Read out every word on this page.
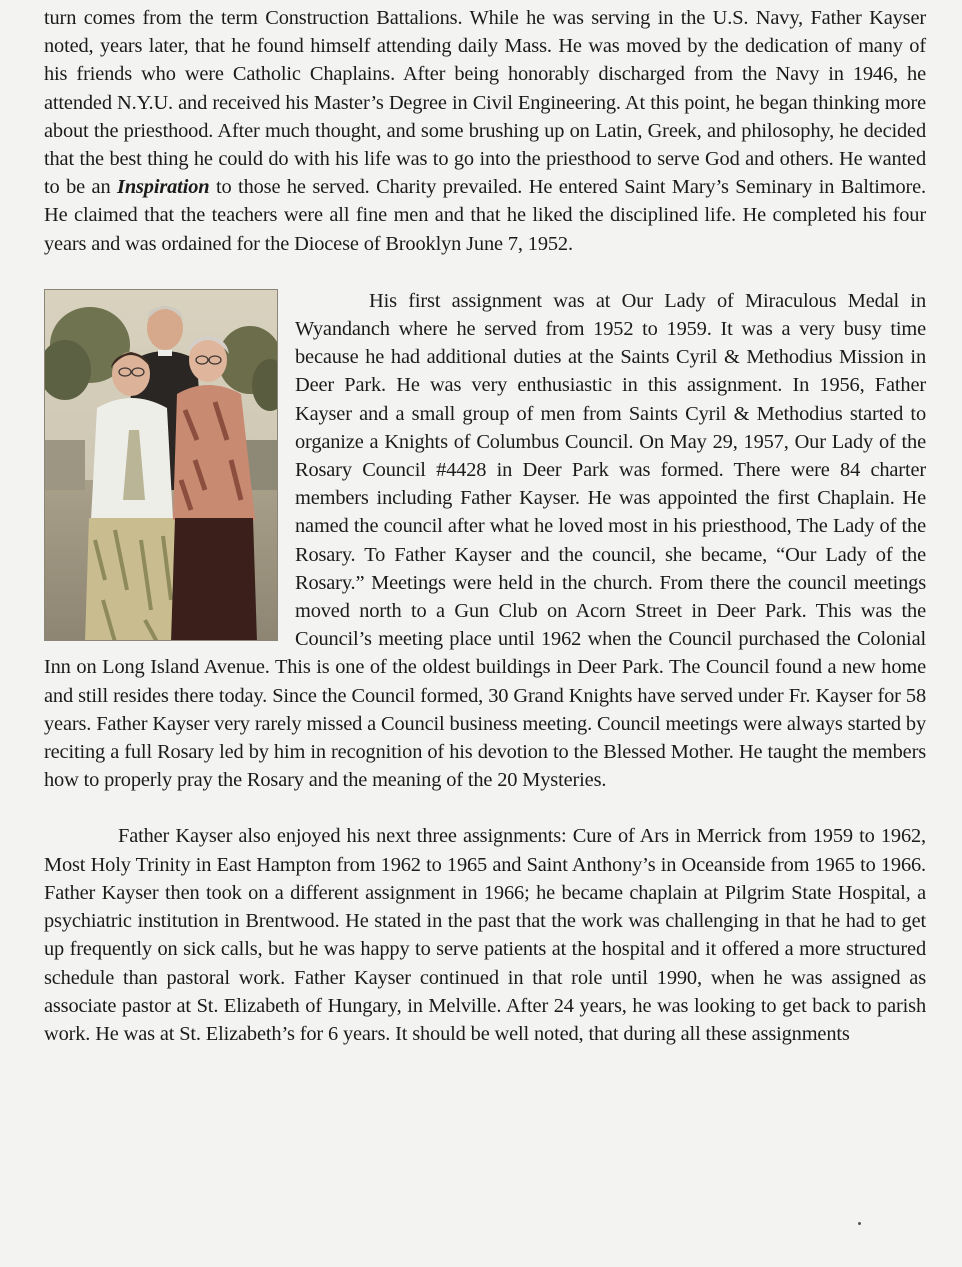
turn comes from the term Construction Battalions. While he was serving in the U.S. Navy, Father Kayser noted, years later, that he found himself attending daily Mass. He was moved by the dedication of many of his friends who were Catholic Chaplains. After being honorably discharged from the Navy in 1946, he attended N.Y.U. and received his Master’s Degree in Civil Engineering. At this point, he began thinking more about the priesthood. After much thought, and some brushing up on Latin, Greek, and philosophy, he decided that the best thing he could do with his life was to go into the priesthood to serve God and others. He wanted to be an Inspiration to those he served. Charity prevailed. He entered Saint Mary’s Seminary in Baltimore. He claimed that the teachers were all fine men and that he liked the disciplined life. He completed his four years and was ordained for the Diocese of Brooklyn June 7, 1952.

His first assignment was at Our Lady of Miraculous Medal in Wyandanch where he served from 1952 to 1959. It was a very busy time because he had additional duties at the Saints Cyril & Methodius Mission in Deer Park. He was very enthusiastic in this assignment. In 1956, Father Kayser and a small group of men from Saints Cyril & Methodius started to organize a Knights of Columbus Council. On May 29, 1957, Our Lady of the Rosary Council #4428 in Deer Park was formed. There were 84 charter members including Father Kayser. He was appointed the first Chaplain. He named the council after what he loved most in his priesthood, The Lady of the Rosary. To Father Kayser and the council, she became, “Our Lady of the Rosary.” Meetings were held in the church. From there the council meetings moved north to a Gun Club on Acorn Street in Deer Park. This was the Council’s meeting place until 1962 when the Council purchased the Colonial Inn on Long Island Avenue. This is one of the oldest buildings in Deer Park. The Council found a new home and still resides there today. Since the Council formed, 30 Grand Knights have served under Fr. Kayser for 58 years. Father Kayser very rarely missed a Council business meeting. Council meetings were always started by reciting a full Rosary led by him in recognition of his devotion to the Blessed Mother. He taught the members how to properly pray the Rosary and the meaning of the 20 Mysteries.

Father Kayser also enjoyed his next three assignments: Cure of Ars in Merrick from 1959 to 1962, Most Holy Trinity in East Hampton from 1962 to 1965 and Saint Anthony’s in Oceanside from 1965 to 1966. Father Kayser then took on a different assignment in 1966; he became chaplain at Pilgrim State Hospital, a psychiatric institution in Brentwood. He stated in the past that the work was challenging in that he had to get up frequently on sick calls, but he was happy to serve patients at the hospital and it offered a more structured schedule than pastoral work. Father Kayser continued in that role until 1990, when he was assigned as associate pastor at St. Elizabeth of Hungary, in Melville. After 24 years, he was looking to get back to parish work. He was at St. Elizabeth’s for 6 years. It should be well noted, that during all these assignments
